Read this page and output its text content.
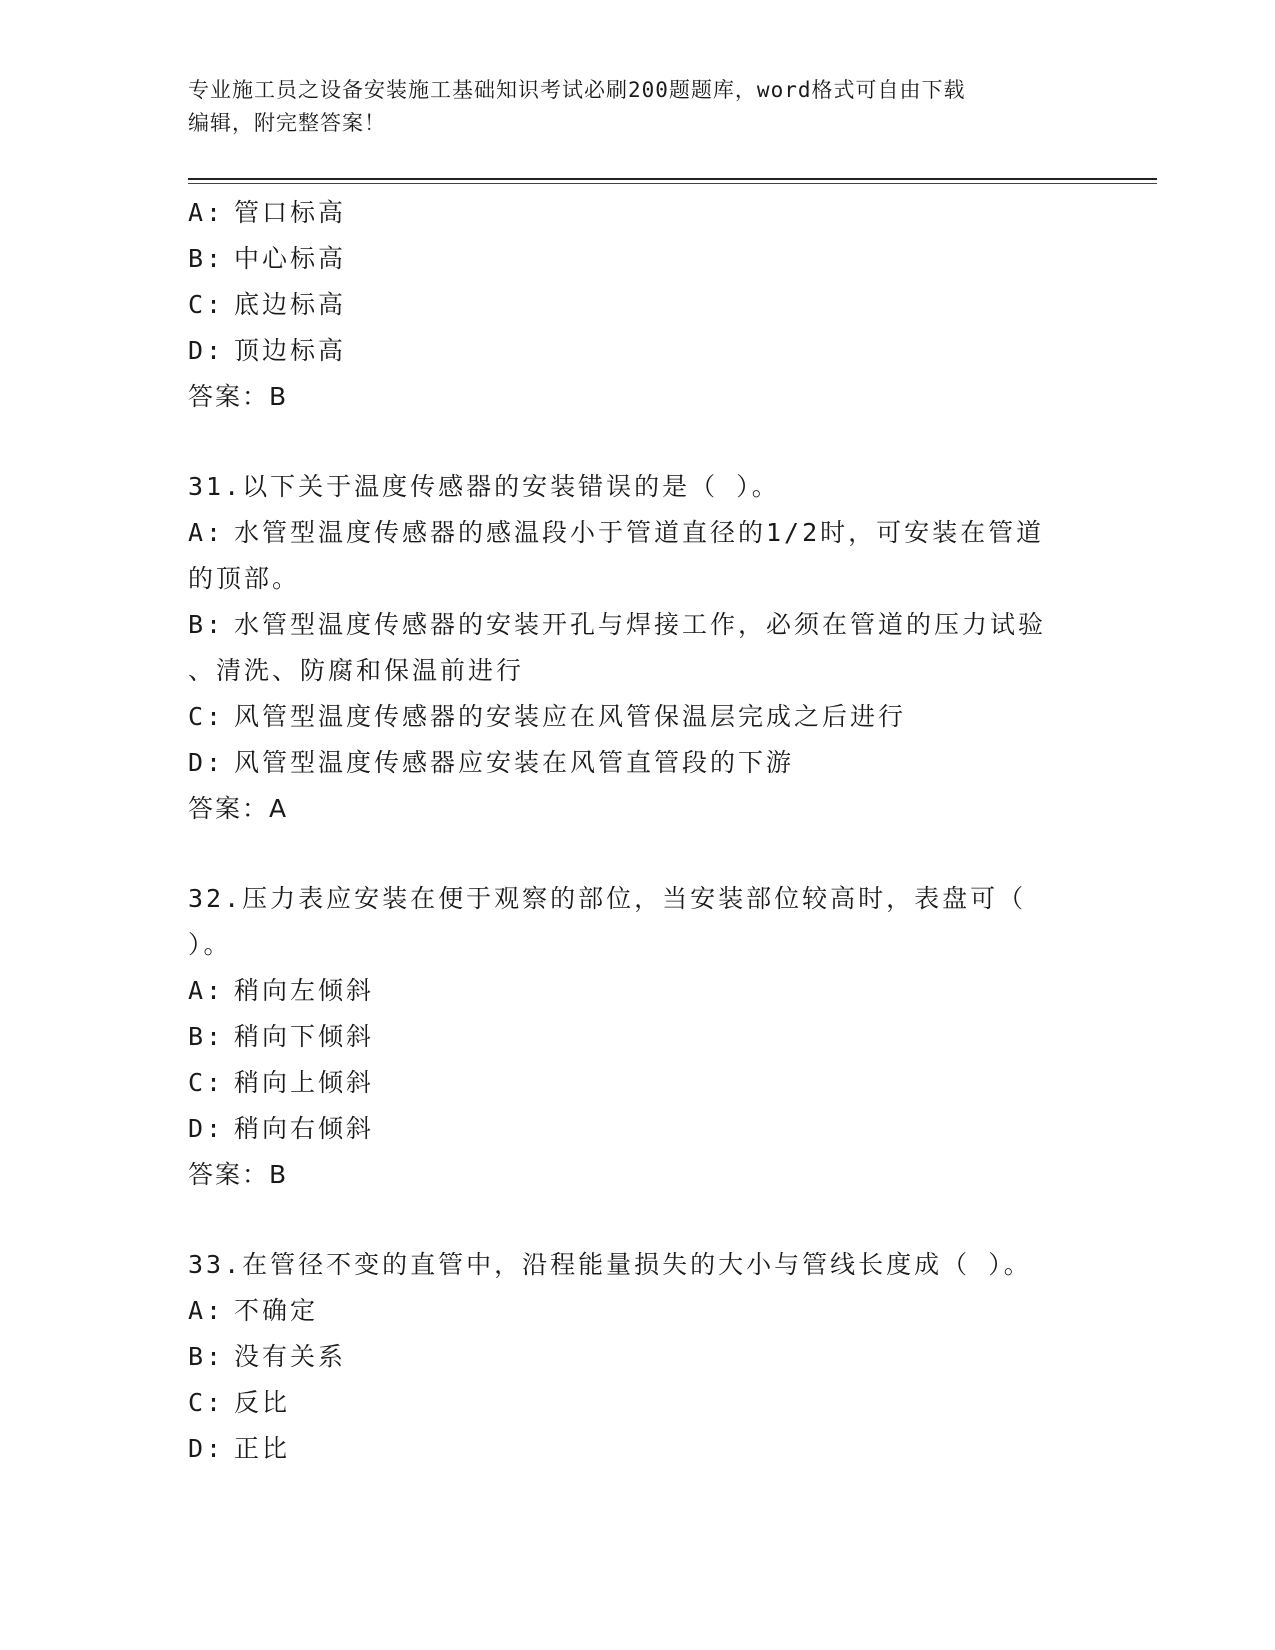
专业施工员之设备安装施工基础知识考试必刷200题题库，word格式可自由下载
编辑，附完整答案！
A: 管口标高
B: 中心标高
C: 底边标高
D: 顶边标高
答案：B
31.以下关于温度传感器的安装错误的是（ ）。
A: 水管型温度传感器的感温段小于管道直径的1/2时，可安装在管道
的顶部。
B: 水管型温度传感器的安装开孔与焊接工作，必须在管道的压力试验
、清洗、防腐和保温前进行
C: 风管型温度传感器的安装应在风管保温层完成之后进行
D: 风管型温度传感器应安装在风管直管段的下游
答案：A
32.压力表应安装在便于观察的部位，当安装部位较高时，表盘可（
）。
A: 稍向左倾斜
B: 稍向下倾斜
C: 稍向上倾斜
D: 稍向右倾斜
答案：B
33.在管径不变的直管中，沿程能量损失的大小与管线长度成（ ）。
A: 不确定
B: 没有关系
C: 反比
D: 正比
